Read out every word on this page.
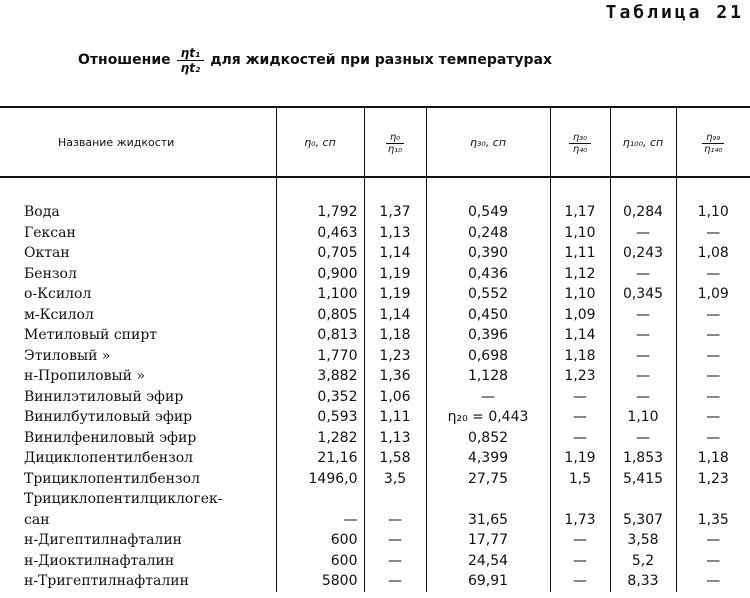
Таблица 21
Отношение $\frac{\text{ηt₁}}{\text{ηt₂}}$ для жидкостей при разных температурах
Название жидкости	η₀, сп	$\frac{\text{η₀}}{\text{η₁₀}}$	η₃₀, сп	$\frac{\text{η₃₀}}{\text{η₄₀}}$	η₁₀₀, сп	$\frac{\text{η₉₉}}{\text{η₁₄₀}}$

Вода	1,792	1,37	0,549	1,17	0,284	1,10
Гексан	0,463	1,13	0,248	1,10	—	—
Октан	0,705	1,14	0,390	1,11	0,243	1,08
Бензол	0,900	1,19	0,436	1,12	—	—
о-Ксилол	1,100	1,19	0,552	1,10	0,345	1,09
м-Ксилол	0,805	1,14	0,450	1,09	—	—
Метиловый спирт	0,813	1,18	0,396	1,14	—	—
Этиловый »	1,770	1,23	0,698	1,18	—	—
н-Пропиловый »	3,882	1,36	1,128	1,23	—	—
Винилэтиловый эфир	0,352	1,06	—	—	—	—
Винилбутиловый эфир	0,593	1,11	η₂₀ = 0,443	—	1,10	—
Винилфениловый эфир	1,282	1,13	0,852	—	—	—
Дициклопентилбензол	21,16	1,58	4,399	1,19	1,853	1,18
Трициклопентилбензол	1496,0	3,5	27,75	1,5	5,415	1,23
Трициклопентилциклогек-						
сан	—	—	31,65	1,73	5,307	1,35
н-Дигептилнафталин	600	—	17,77	—	3,58	—
н-Диоктилнафталин	600	—	24,54	—	5,2	—
н-Тригептилнафталин	5800	—	69,91	—	8,33	—
